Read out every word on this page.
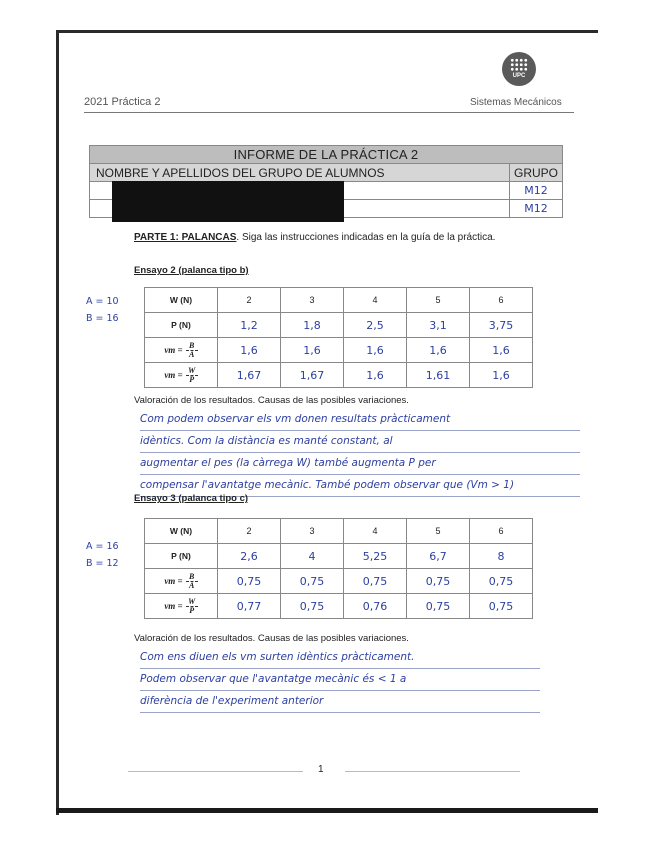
UPC
2021 Práctica 2	Sistemas Mecánicos
INFORME DE LA PRÁCTICA 2	
NOMBRE Y APELLIDOS DEL GRUPO DE ALUMNOS	GRUPO
	M12
	M12
PARTE 1: PALANCAS. Siga las instrucciones indicadas en la guía de la práctica.
Ensayo 2 (palanca tipo b)
A = 10
B = 16
W (N)	2	3	4	5	6
P (N)	1,2	1,8	2,5	3,1	3,75

vm = B
A	1,6	1,6	1,6	1,6	1,6

vm = W
P	1,67	1,67	1,6	1,61	1,6
Valoración de los resultados. Causas de las posibles variaciones.
Com podem observar els vm donen resultats pràcticament
idèntics. Com la distància es manté constant, al
augmentar el pes (la càrrega W) també augmenta P per
compensar l'avantatge mecànic. També podem observar que (Vm > 1)
Ensayo 3 (palanca tipo c)
A = 16
B = 12
W (N)	2	3	4	5	6
P (N)	2,6	4	5,25	6,7	8

vm = B
A	0,75	0,75	0,75	0,75	0,75

vm = W
P	0,77	0,75	0,76	0,75	0,75
Valoración de los resultados. Causas de las posibles variaciones.
Com ens diuen els vm surten idèntics pràcticament.
Podem observar que l'avantatge mecànic és < 1 a
diferència de l'experiment anterior
1
